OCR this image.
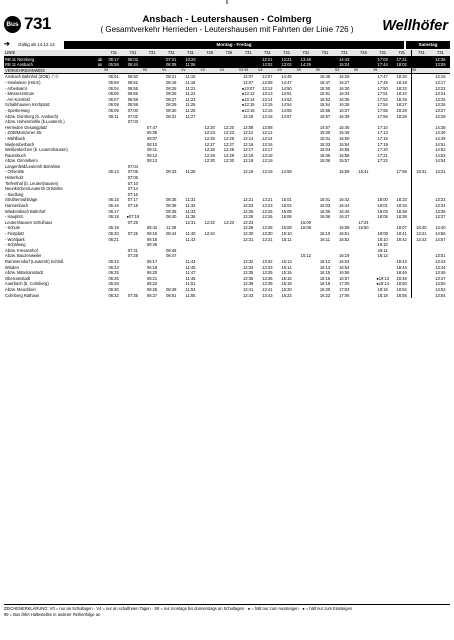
6
Bus 731	Ansbach - Leutershausen - Colmberg
( Gesamtverkehr Herrieden - Leutershausen mit Fahrten der Linie 726 )	Wellhöfer
➔ Gültig ab 14.12.14	Montag - Freitag	Samstag
LINIE		731	731	731	731	731	726	726	731	731	731	731	731	731	726	731	731	731	731
RB 11 Nürnberg	ab	05:17	06:03		07:21	10:26				12:21	12:21	13:48		14:43		17:03	17:21		12:36
RB 11 Ansbach	an	05:58	06:44		08:08	11:06				13:02	13:02	14:29		15:24		17:44	18:02		13:05
VERKEHRSHINWEIS		99		99	Vv	Vv	V3	V3	V3 99	V4	V4	S9	99	S9	99	99		99	
Ansbach Bahnhof (ZOB) ⓥⓑ		06:01	06:50		08:21	11:15			13:07	13:07	14:45		15:45	16:25		17:47	18:20		13:15
- Inselwiese (Hst.E)		05:59	06:52		08:18	11:18			13:07	13:08	14:47		15:47	16:27		17:45	18:18		13:17
- Arbeitsamt		06:04	06:55		08:25	11:21			●13:07	13:12	14:50		15:50	16:30		17:50	18:23		13:22
- Messezentrum		06:05	06:56		08:26	11:22			●13:12	13:13	14:51		15:51	16:34		17:51	18:24		13:24
- Am Kornfeld		06:07	06:58		08:27	11:23			●13:14	13:14	14:52		15:52	16:35		17:52	18:25		13:25
Schalkhausen Kirchplatz		06:08	06:59		08:29	11:25			●13:15	13:15	14:54		15:54	16:36		17:54	18:27		13:26
- Sperberweg		06:09	07:00		08:30	11:26			●13:16	13:16	14:55		15:55	16:37		17:55	18:28		13:27
Abzw. Dornberg (b. Ansbach)		06:11	07:02		08:31	11:27			13:18	13:18	14:57		15:57	16:39		17:56	18:29		13:29
Abzw. Hohenmühle (b.Leutersh.)			07:03																
Herrieden Gesangplatz				07:47			12:20	12:20	13:08	13:08			14:57	15:45		17:10			14:38
- ZOB/Münzener Str.				06:05			12:23	12:23	13:12	13:12			15:00	15:48		17:13			14:46
- Mühlbuck				08:07			12:25	12:25	13:14	13:14			15:01	15:50		17:15			14:48
Niederoberbach				08:10			12:27	12:27	13:16	13:16			15:03	15:54		17:19			14:51
Weißenkirchen (b. Leutershausen)				08:11			12:28	12:28	13:17	13:17			15:04	15:55		17:20			14:52
Rauenbuch				08:12			12:29	12:29	13:18	13:18			15:05	15:56		17:21			14:53
Abzw. Gimmiheim				08:13			12:30	12:30	13:19	13:19			15:06	15:57		17:22			14:54
Langenfeld/Leutersh.Bahnlinie			07:04																
- Ortsmitte		06:13	07:05		08:33	11:28			13:19	13:19	14:59			15:59	16:41		17:58	18:31	13:31
Hinterholz			07:06																
Tiefenthal (b. Leutershausen)			07:10																
Neunkirchen/Leutersh Ortsmitte			07:14																
- Siedlung			07:16																
Strüthermühlsäge		06:15	07:17		08:35	11:31			13:21	13:21	15:01		16:01	16:42		18:00	18:33		13:32
Hannenbach		06:16	07:18		08:36	11:32			13:23	13:23	15:02		16:03	16:44		18:01	18:34		13:34
Wiedersbach Bahnhof		06:17			08:38	11:33			13:25	13:25	15:05		16:05	16:46		18:03	18:36		13:36
- Hauptstr.		06:18	●07:19		08:40	11:36			13:26	13:26	15:06		16:06	16:47		18:05	18:38		13:37
Leutershausen Schulhaus			07:25			12:31	12:32	13:23	13:23			15:09			17:24				
- Schule		06:19		08:42	11:38				13:28	13:28	15:08	15:08		16:08	16:50		18:07	18:40	13:40
- Festplatz		06:20	07:26	08:15	08:44	11:40	12:34		13:30	13:30	15:10		16:10	16:51		18:09	18:41	13:41	14:56
- Wohlpark		06:21		08:16		11:42			13:31	13:31	15:11		16:11	16:52		18:10	18:42	13:42	14:57
- Schäfweg				08:45												18:10			
Abzw. Kressenhof			07:31		08:46											19:11			
Abzw. Bauzenweiler			07:28		08:47							15:12		16:19		18:12			13:51
Rammersdorf (Leutersh) Schloß		06:22		06:17		11:44			13:32	13:32	15:13		16:12	16:53			18:43		13:43
Winden		06:23		06:18		11:45			13:33	13:33	15:14		16:13	16:54			18:44		13:44
Abzw. Mittelramstadt		06:25		06:20		11:47			13:35	13:35	15:15		16:15	16:56			18:46		13:46
Oberramstadt		06:26		08:21		11:48			13:36	13:36	15:16		16:16	16:57		●19:13	18:48		13:47
Auerbach (b. Colmberg)		06:28		08:22		11:51			13:39	13:39	15:18		16:18	17:00		●19:14	18:50		13:50
Abzw. Meuchlein		06:30		08:25	08:49	11:53			13:41	13:41	15:20		16:20	17:03		18:15	18:52		13:52
Colmberg Rathaus		06:32	07:35	08:27	08:51	11:55			13:43	13:43	15:22		16:22	17:06		18:18	18:55		13:54
ZEICHENERKLÄRUNG: V0 = nur an Schultagen · V4 = nur an schulfreien Tagen · S9 = nur montags bis donnerstags an Schultagen · ● = hält nur zum Aussteigen · ● = hält nur zum Einsteigen
99 = Bus fährt Haltestellen in anderer Reihenfolge an
